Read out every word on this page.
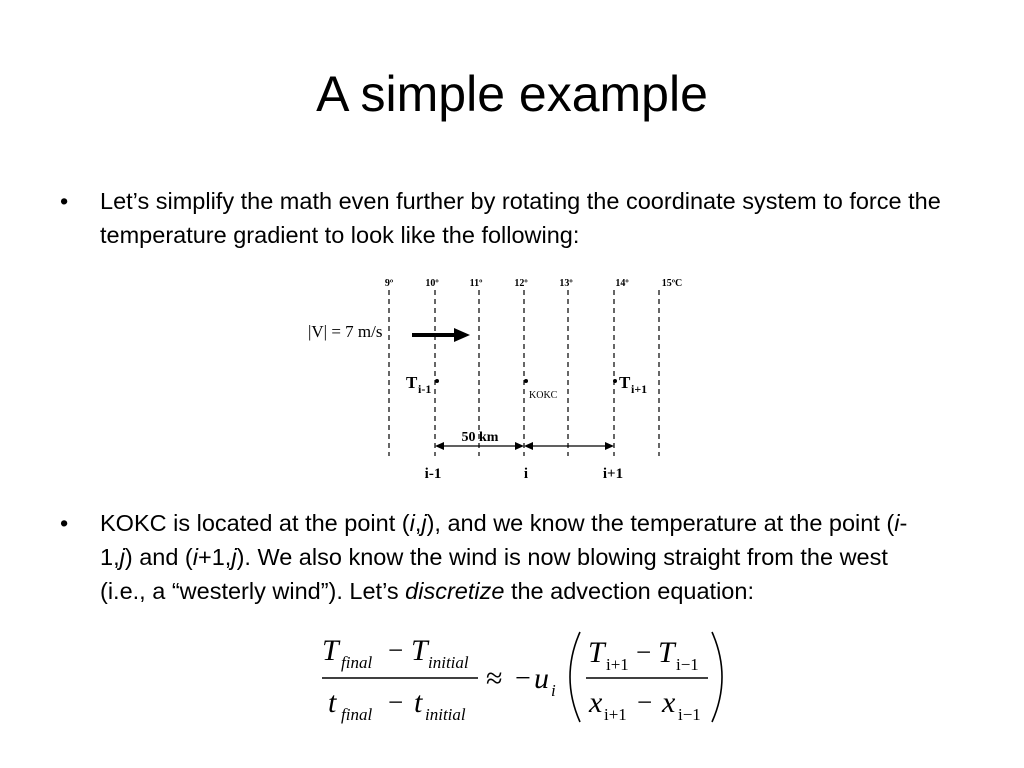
A simple example
• Let’s simplify the math even further by rotating the coordinate system to force the temperature gradient to look like the following:
9º	10º	11º	12º	13º	14º	15ºC
|V| = 7 m/s
T i-1	KOKC
T i+1
50 km
i-1	i	i+1
• KOKC is located at the point (i,j), and we know the temperature at the point (i-1,j) and (i+1,j). We also know the wind is now blowing straight from the west (i.e., a “westerly wind”). Let’s discretize the advection equation:
T final − T initial
t final − t initial
≈ − u i
T i+1 − T i−1
x i+1 − x i−1
